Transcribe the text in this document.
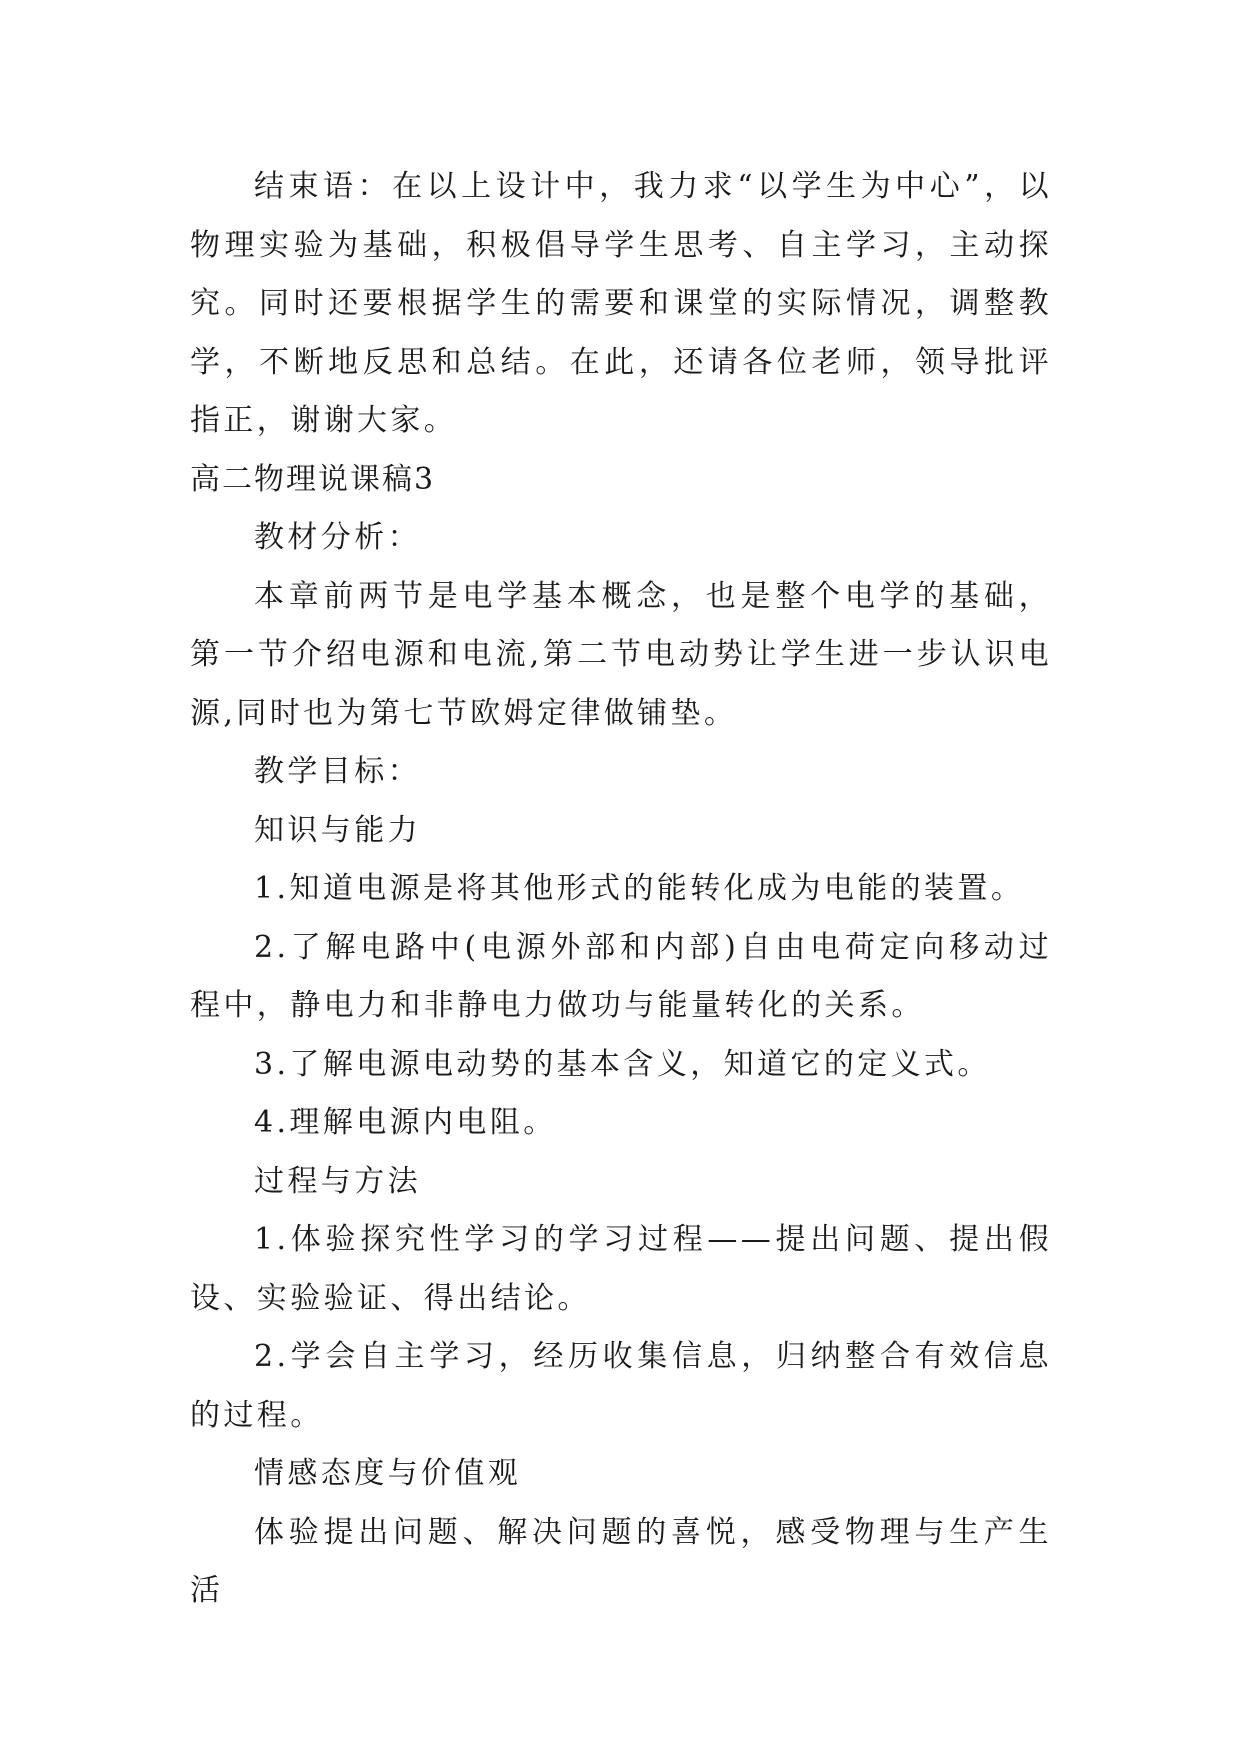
结束语：在以上设计中，我力求“以学生为中心”，以物理实验为基础，积极倡导学生思考、自主学习，主动探究。同时还要根据学生的需要和课堂的实际情况，调整教学，不断地反思和总结。在此，还请各位老师，领导批评指正，谢谢大家。

高二物理说课稿3

教材分析：

本章前两节是电学基本概念，也是整个电学的基础，第一节介绍电源和电流,第二节电动势让学生进一步认识电源,同时也为第七节欧姆定律做铺垫。

教学目标：

知识与能力

1.知道电源是将其他形式的能转化成为电能的装置。

2.了解电路中(电源外部和内部)自由电荷定向移动过程中，静电力和非静电力做功与能量转化的关系。

3.了解电源电动势的基本含义，知道它的定义式。

4.理解电源内电阻。

过程与方法

1.体验探究性学习的学习过程——提出问题、提出假设、实验验证、得出结论。

2.学会自主学习，经历收集信息，归纳整合有效信息的过程。

情感态度与价值观

体验提出问题、解决问题的喜悦，感受物理与生产生活
